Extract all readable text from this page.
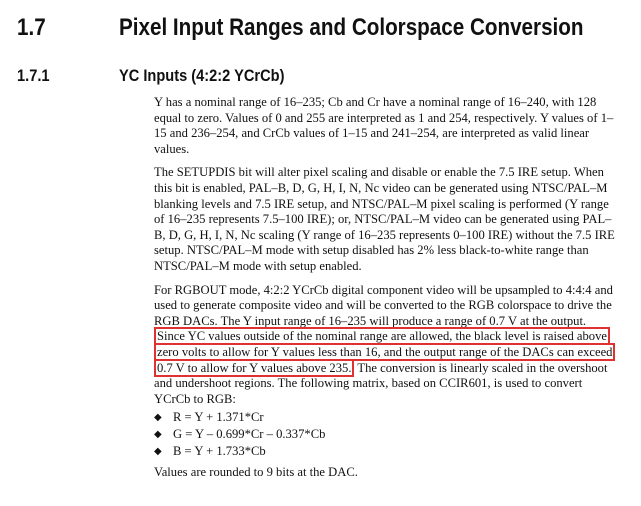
1.7	Pixel Input Ranges and Colorspace Conversion
1.7.1	YC Inputs (4:2:2 YCrCb)

Y has a nominal range of 16–235; Cb and Cr have a nominal range of 16–240, with 128 equal to zero. Values of 0 and 255 are interpreted as 1 and 254, respectively. Y values of 1–15 and 236–254, and CrCb values of 1–15 and 241–254, are interpreted as valid linear values.

The SETUPDIS bit will alter pixel scaling and disable or enable the 7.5 IRE setup. When this bit is enabled, PAL–B, D, G, H, I, N, Nc video can be generated using NTSC/PAL–M blanking levels and 7.5 IRE setup, and NTSC/PAL–M pixel scaling is performed (Y range of 16–235 represents 7.5–100 IRE); or, NTSC/PAL–M video can be generated using PAL–B, D, G, H, I, N, Nc scaling (Y range of 16–235 represents 0–100 IRE) without the 7.5 IRE setup. NTSC/PAL–M mode with setup disabled has 2% less black-to-white range than NTSC/PAL–M mode with setup enabled.

For RGBOUT mode, 4:2:2 YCrCb digital component video will be upsampled to 4:4:4 and used to generate composite video and will be converted to the RGB colorspace to drive the RGB DACs. The Y input range of 16–235 will produce a range of 0.7 V at the output. Since YC values outside of the nominal range are allowed, the black level is raised above zero volts to allow for Y values less than 16, and the output range of the DACs can exceed 0.7 V to allow for Y values above 235. The conversion is linearly scaled in the overshoot and undershoot regions. The following matrix, based on CCIR601, is used to convert YCrCb to RGB:

◆ R = Y + 1.371*Cr
◆ G = Y – 0.699*Cr – 0.337*Cb
◆ B = Y + 1.733*Cb

Values are rounded to 9 bits at the DAC.
